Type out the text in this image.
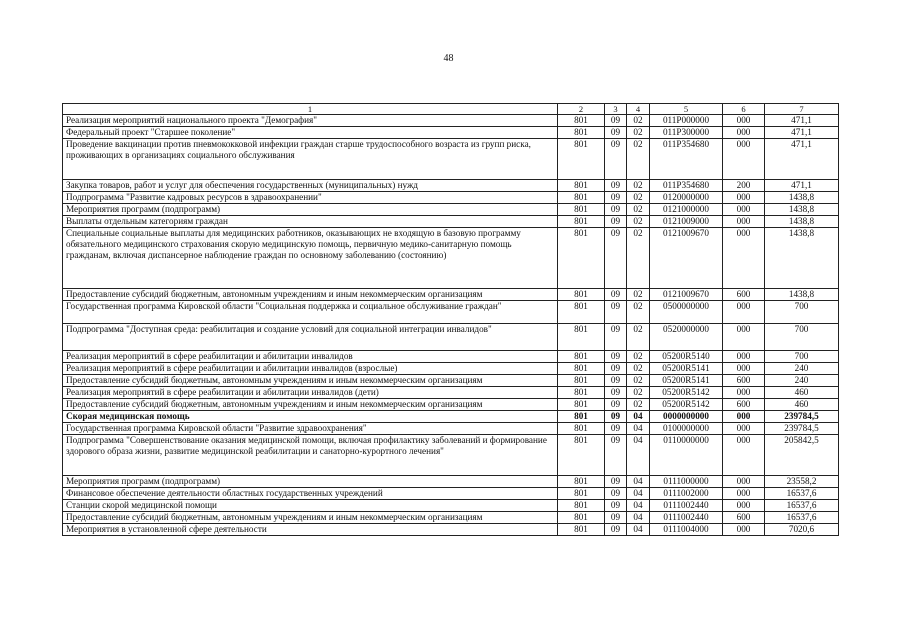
48
1	2	3	4	5	6	7
Реализация мероприятий национального проекта "Демография"	801	09	02	011P000000	000	471,1
Федеральный проект "Старшее поколение"	801	09	02	011P300000	000	471,1
Проведение вакцинации против пневмококковой инфекции граждан старше трудоспособного возраста из групп риска, проживающих в организациях социального обслуживания	801	09	02	011P354680	000	471,1
Закупка товаров, работ и услуг для обеспечения государственных (муниципальных) нужд	801	09	02	011P354680	200	471,1
Подпрограмма "Развитие кадровых ресурсов в здравоохранении"	801	09	02	0120000000	000	1438,8
Мероприятия программ (подпрограмм)	801	09	02	0121000000	000	1438,8
Выплаты отдельным категориям граждан	801	09	02	0121009000	000	1438,8
Специальные социальные выплаты для медицинских работников, оказывающих не входящую в базовую программу обязательного медицинского страхования скорую медицинскую помощь, первичную медико-санитарную помощь гражданам, включая диспансерное наблюдение граждан по основному заболеванию (состоянию)	801	09	02	0121009670	000	1438,8
Предоставление субсидий бюджетным, автономным учреждениям и иным некоммерческим организациям	801	09	02	0121009670	600	1438,8
Государственная программа Кировской области "Социальная поддержка и социальное обслуживание граждан"	801	09	02	0500000000	000	700
Подпрограмма "Доступная среда: реабилитация и создание условий для социальной интеграции инвалидов"	801	09	02	0520000000	000	700
Реализация мероприятий в сфере реабилитации и абилитации инвалидов	801	09	02	05200R5140	000	700
Реализация мероприятий в сфере реабилитации и абилитации инвалидов (взрослые)	801	09	02	05200R5141	000	240
Предоставление субсидий бюджетным, автономным учреждениям и иным некоммерческим организациям	801	09	02	05200R5141	600	240
Реализация мероприятий в сфере реабилитации и абилитации инвалидов (дети)	801	09	02	05200R5142	000	460
Предоставление субсидий бюджетным, автономным учреждениям и иным некоммерческим организациям	801	09	02	05200R5142	600	460
Скорая медицинская помощь	801	09	04	0000000000	000	239784,5
Государственная программа Кировской области "Развитие здравоохранения"	801	09	04	0100000000	000	239784,5
Подпрограмма "Совершенствование оказания медицинской помощи, включая профилактику заболеваний и формирование здорового образа жизни, развитие медицинской реабилитации и санаторно-курортного лечения"	801	09	04	0110000000	000	205842,5
Мероприятия программ (подпрограмм)	801	09	04	0111000000	000	23558,2
Финансовое обеспечение деятельности областных государственных учреждений	801	09	04	0111002000	000	16537,6
Станции скорой медицинской помощи	801	09	04	0111002440	000	16537,6
Предоставление субсидий бюджетным, автономным учреждениям и иным некоммерческим организациям	801	09	04	0111002440	600	16537,6
Мероприятия в установленной сфере деятельности	801	09	04	0111004000	000	7020,6
